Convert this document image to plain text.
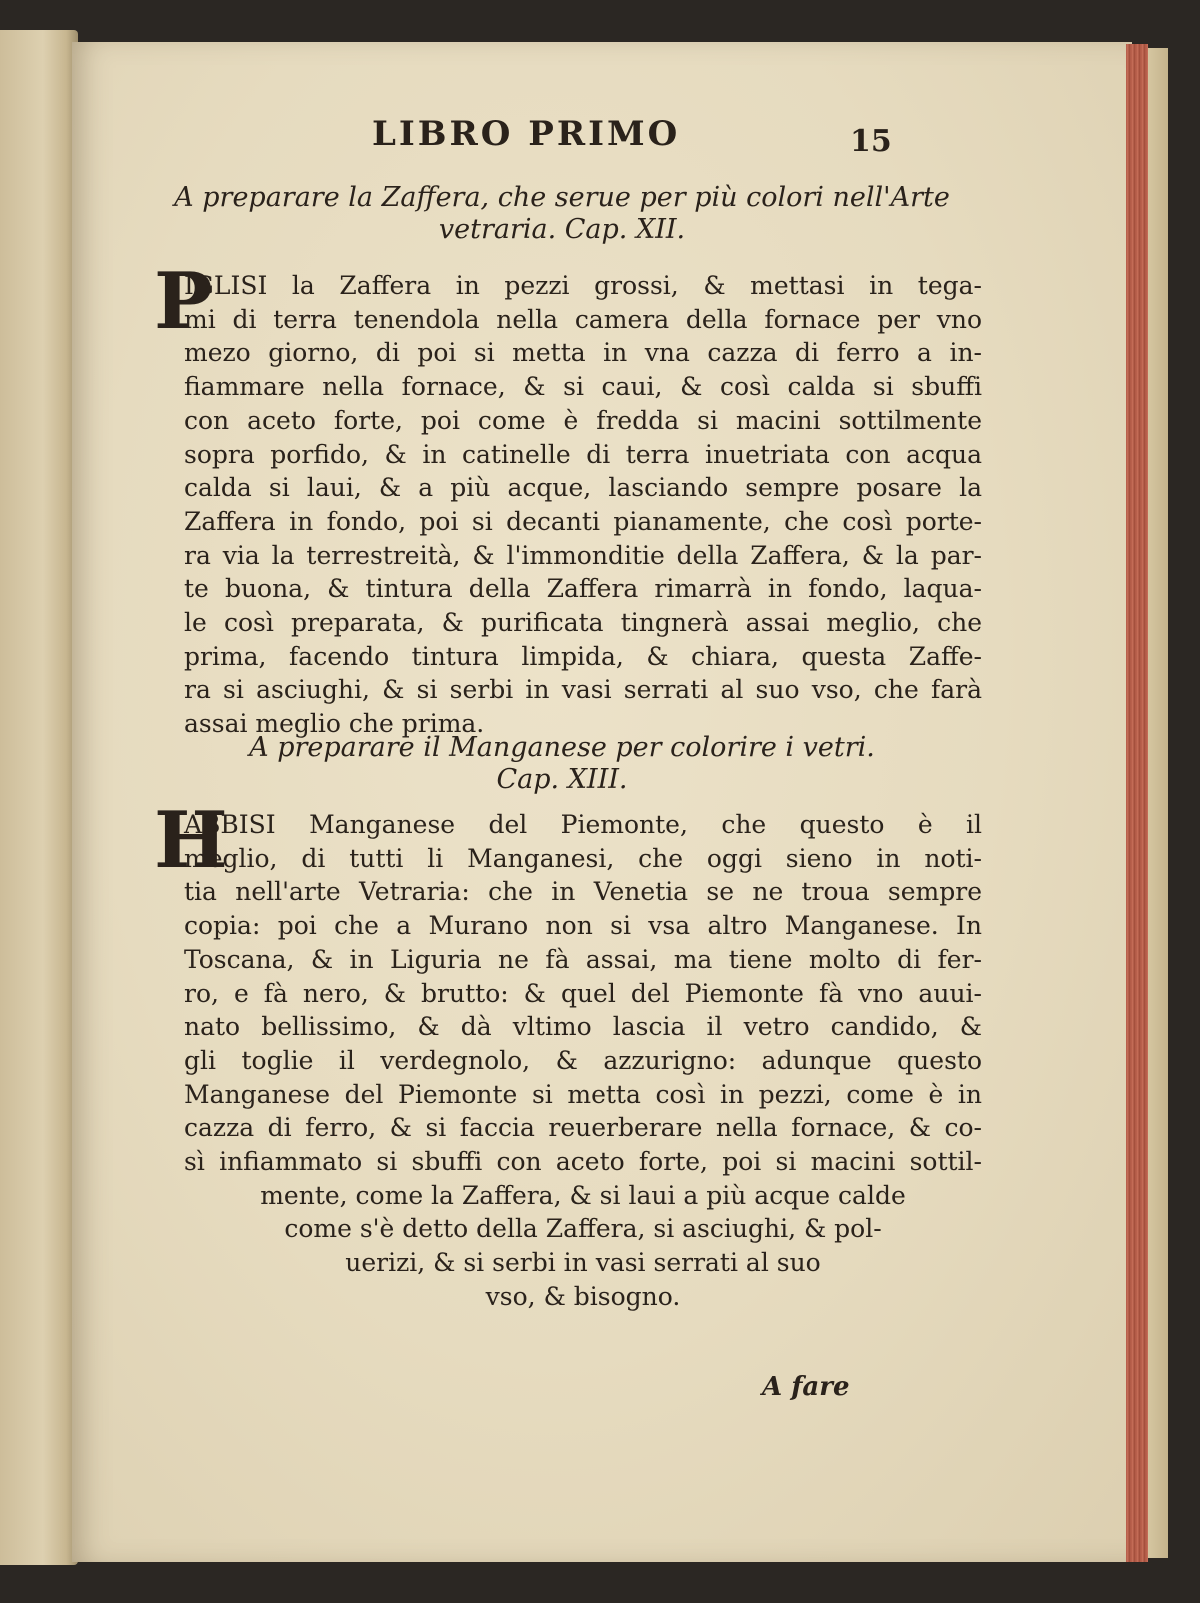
LIBRO PRIMO	15
A preparare la Zaffera, che serue per più colori nell'Arte
vetraria. Cap. XII.
P
IGLISI la Zaffera in pezzi grossi, & mettasi in tega-
mi di terra tenendola nella camera della fornace per vno
mezo giorno, di poi si metta in vna cazza di ferro a in-
fiammare nella fornace, & si caui, & così calda si sbuffi
con aceto forte, poi come è fredda si macini sottilmente
sopra porfido, & in catinelle di terra inuetriata con acqua
calda si laui, & a più acque, lasciando sempre posare la
Zaffera in fondo, poi si decanti pianamente, che così porte-
ra via la terrestreità, & l'immonditie della Zaffera, & la par-
te buona, & tintura della Zaffera rimarrà in fondo, laqua-
le così preparata, & purificata tingnerà assai meglio, che
prima, facendo tintura limpida, & chiara, questa Zaffe-
ra si asciughi, & si serbi in vasi serrati al suo vso, che farà
assai meglio che prima.
A preparare il Manganese per colorire i vetri.
Cap. XIII.
H
ABBISI Manganese del Piemonte, che questo è il
meglio, di tutti li Manganesi, che oggi sieno in noti-
tia nell'arte Vetraria: che in Venetia se ne troua sempre
copia: poi che a Murano non si vsa altro Manganese. In
Toscana, & in Liguria ne fà assai, ma tiene molto di fer-
ro, e fà nero, & brutto: & quel del Piemonte fà vno auui-
nato bellissimo, & dà vltimo lascia il vetro candido, &
gli toglie il verdegnolo, & azzurigno: adunque questo
Manganese del Piemonte si metta così in pezzi, come è in
cazza di ferro, & si faccia reuerberare nella fornace, & co-
sì infiammato si sbuffi con aceto forte, poi si macini sottil-
mente, come la Zaffera, & si laui a più acque calde
come s'è detto della Zaffera, si asciughi, & pol-
uerizi, & si serbi in vasi serrati al suo
vso, & bisogno.
A fare
